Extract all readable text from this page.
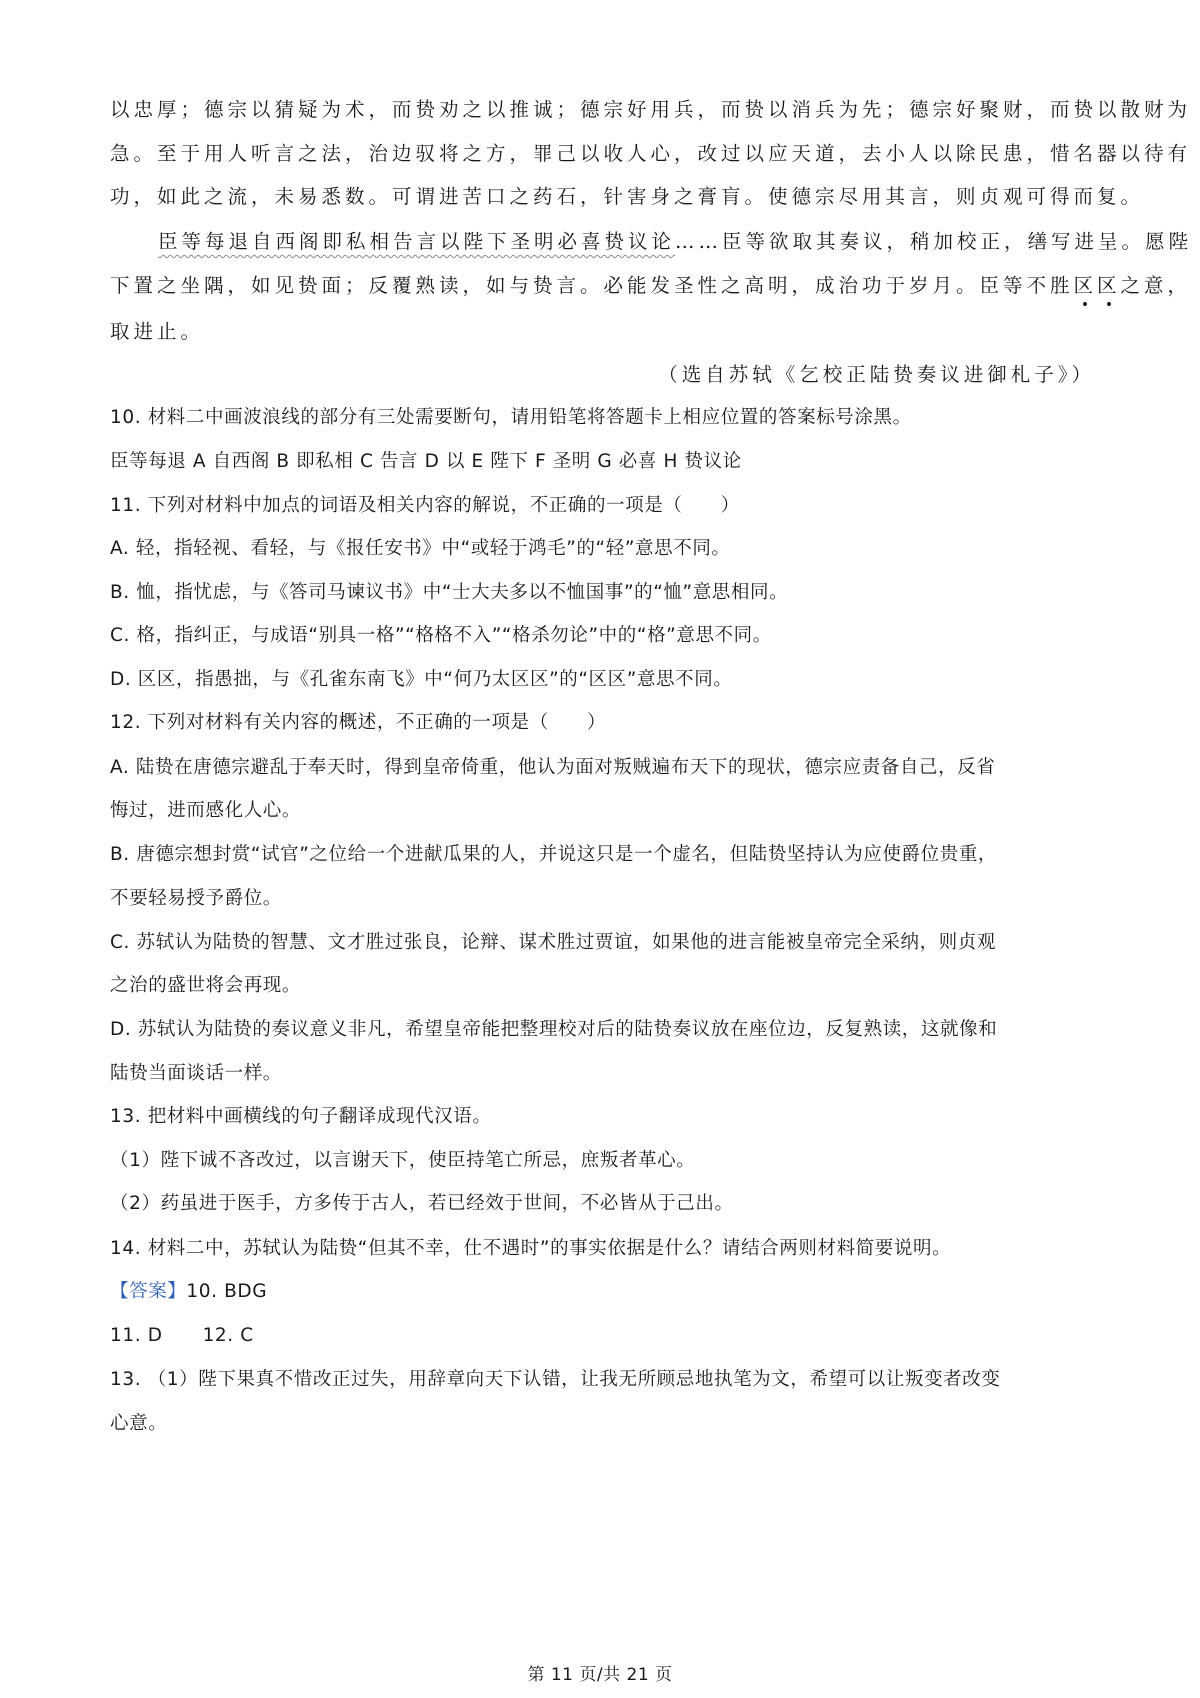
以忠厚；德宗以猜疑为术，而贽劝之以推诚；德宗好用兵，而贽以消兵为先；德宗好聚财，而贽以散财为
急。至于用人听言之法，治边驭将之方，罪己以收人心，改过以应天道，去小人以除民患，惜名器以待有
功，如此之流，未易悉数。可谓进苦口之药石，针害身之膏肓。使德宗尽用其言，则贞观可得而复。
臣等每退自西阁即私相告言以陛下圣明必喜贽议论……臣等欲取其奏议，稍加校正，缮写进呈。愿陛
下置之坐隅，如见贽面；反覆熟读，如与贽言。必能发圣性之高明，成治功于岁月。臣等不胜区区之意，
取进止。
（选自苏轼《乞校正陆贽奏议进御札子》）
10. 材料二中画波浪线的部分有三处需要断句，请用铅笔将答题卡上相应位置的答案标号涂黑。
臣等每退 A 自西阁 B 即私相 C 告言 D 以 E 陛下 F 圣明 G 必喜 H 贽议论
11. 下列对材料中加点的词语及相关内容的解说，不正确的一项是（　　）
A. 轻，指轻视、看轻，与《报任安书》中“或轻于鸿毛”的“轻”意思不同。
B. 恤，指忧虑，与《答司马谏议书》中“士大夫多以不恤国事”的“恤”意思相同。
C. 格，指纠正，与成语“别具一格”“格格不入”“格杀勿论”中的“格”意思不同。
D. 区区，指愚拙，与《孔雀东南飞》中“何乃太区区”的“区区”意思不同。
12. 下列对材料有关内容的概述，不正确的一项是（　　）
A. 陆贽在唐德宗避乱于奉天时，得到皇帝倚重，他认为面对叛贼遍布天下的现状，德宗应责备自己，反省
悔过，进而感化人心。
B. 唐德宗想封赏“试官”之位给一个进献瓜果的人，并说这只是一个虚名，但陆贽坚持认为应使爵位贵重，
不要轻易授予爵位。
C. 苏轼认为陆贽的智慧、文才胜过张良，论辩、谋术胜过贾谊，如果他的进言能被皇帝完全采纳，则贞观
之治的盛世将会再现。
D. 苏轼认为陆贽的奏议意义非凡，希望皇帝能把整理校对后的陆贽奏议放在座位边，反复熟读，这就像和
陆贽当面谈话一样。
13. 把材料中画横线的句子翻译成现代汉语。
（1）陛下诚不吝改过，以言谢天下，使臣持笔亡所忌，庶叛者革心。
（2）药虽进于医手，方多传于古人，若已经效于世间，不必皆从于己出。
14. 材料二中，苏轼认为陆贽“但其不幸，仕不遇时”的事实依据是什么？请结合两则材料简要说明。
【答案】10. BDG
11. D 12. C
13. （1）陛下果真不惜改正过失，用辞章向天下认错，让我无所顾忌地执笔为文，希望可以让叛变者改变
心意。
第 11 页/共 21 页
